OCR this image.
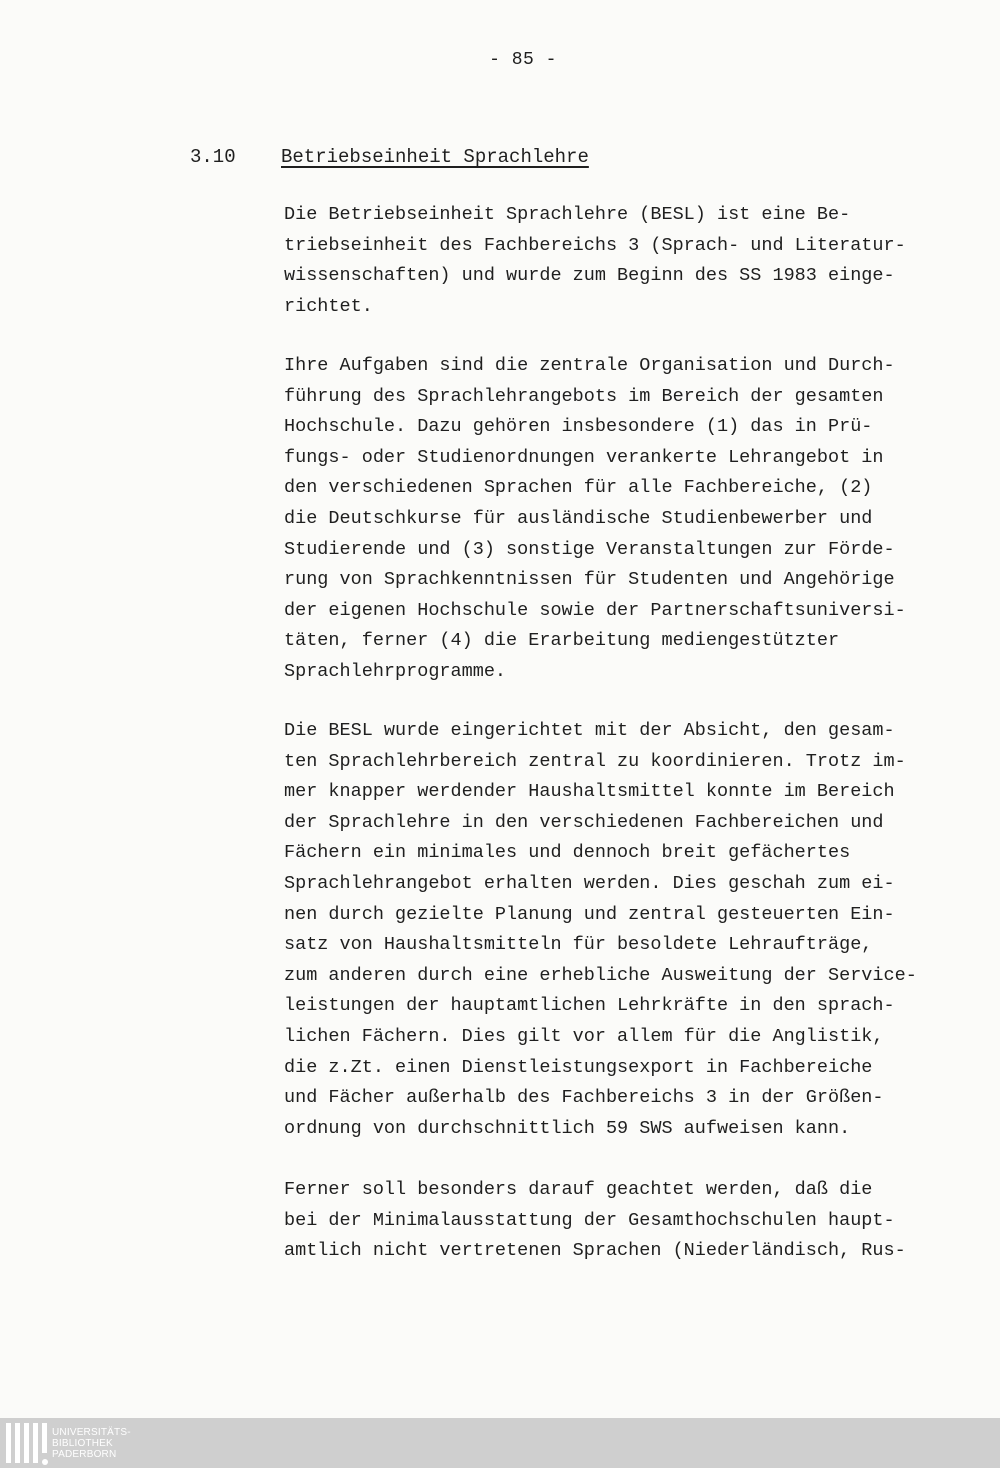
- 85 -
3.10 Betriebseinheit Sprachlehre

Die Betriebseinheit Sprachlehre (BESL) ist eine Be-
triebseinheit des Fachbereichs 3 (Sprach- und Literatur-
wissenschaften) und wurde zum Beginn des SS 1983 einge-
richtet.

Ihre Aufgaben sind die zentrale Organisation und Durch-
führung des Sprachlehrangebots im Bereich der gesamten
Hochschule. Dazu gehören insbesondere (1) das in Prü-
fungs- oder Studienordnungen verankerte Lehrangebot in
den verschiedenen Sprachen für alle Fachbereiche, (2)
die Deutschkurse für ausländische Studienbewerber und
Studierende und (3) sonstige Veranstaltungen zur Förde-
rung von Sprachkenntnissen für Studenten und Angehörige
der eigenen Hochschule sowie der Partnerschaftsuniversi-
täten, ferner (4) die Erarbeitung mediengestützter
Sprachlehrprogramme.

Die BESL wurde eingerichtet mit der Absicht, den gesam-
ten Sprachlehrbereich zentral zu koordinieren. Trotz im-
mer knapper werdender Haushaltsmittel konnte im Bereich
der Sprachlehre in den verschiedenen Fachbereichen und
Fächern ein minimales und dennoch breit gefächertes
Sprachlehrangebot erhalten werden. Dies geschah zum ei-
nen durch gezielte Planung und zentral gesteuerten Ein-
satz von Haushaltsmitteln für besoldete Lehraufträge,
zum anderen durch eine erhebliche Ausweitung der Service-
leistungen der hauptamtlichen Lehrkräfte in den sprach-
lichen Fächern. Dies gilt vor allem für die Anglistik,
die z.Zt. einen Dienstleistungsexport in Fachbereiche
und Fächer außerhalb des Fachbereichs 3 in der Größen-
ordnung von durchschnittlich 59 SWS aufweisen kann.

Ferner soll besonders darauf geachtet werden, daß die
bei der Minimalausstattung der Gesamthochschulen haupt-
amtlich nicht vertretenen Sprachen (Niederländisch, Rus-

UNIVERSITÄTS-
BIBLIOTHEK
PADERBORN
